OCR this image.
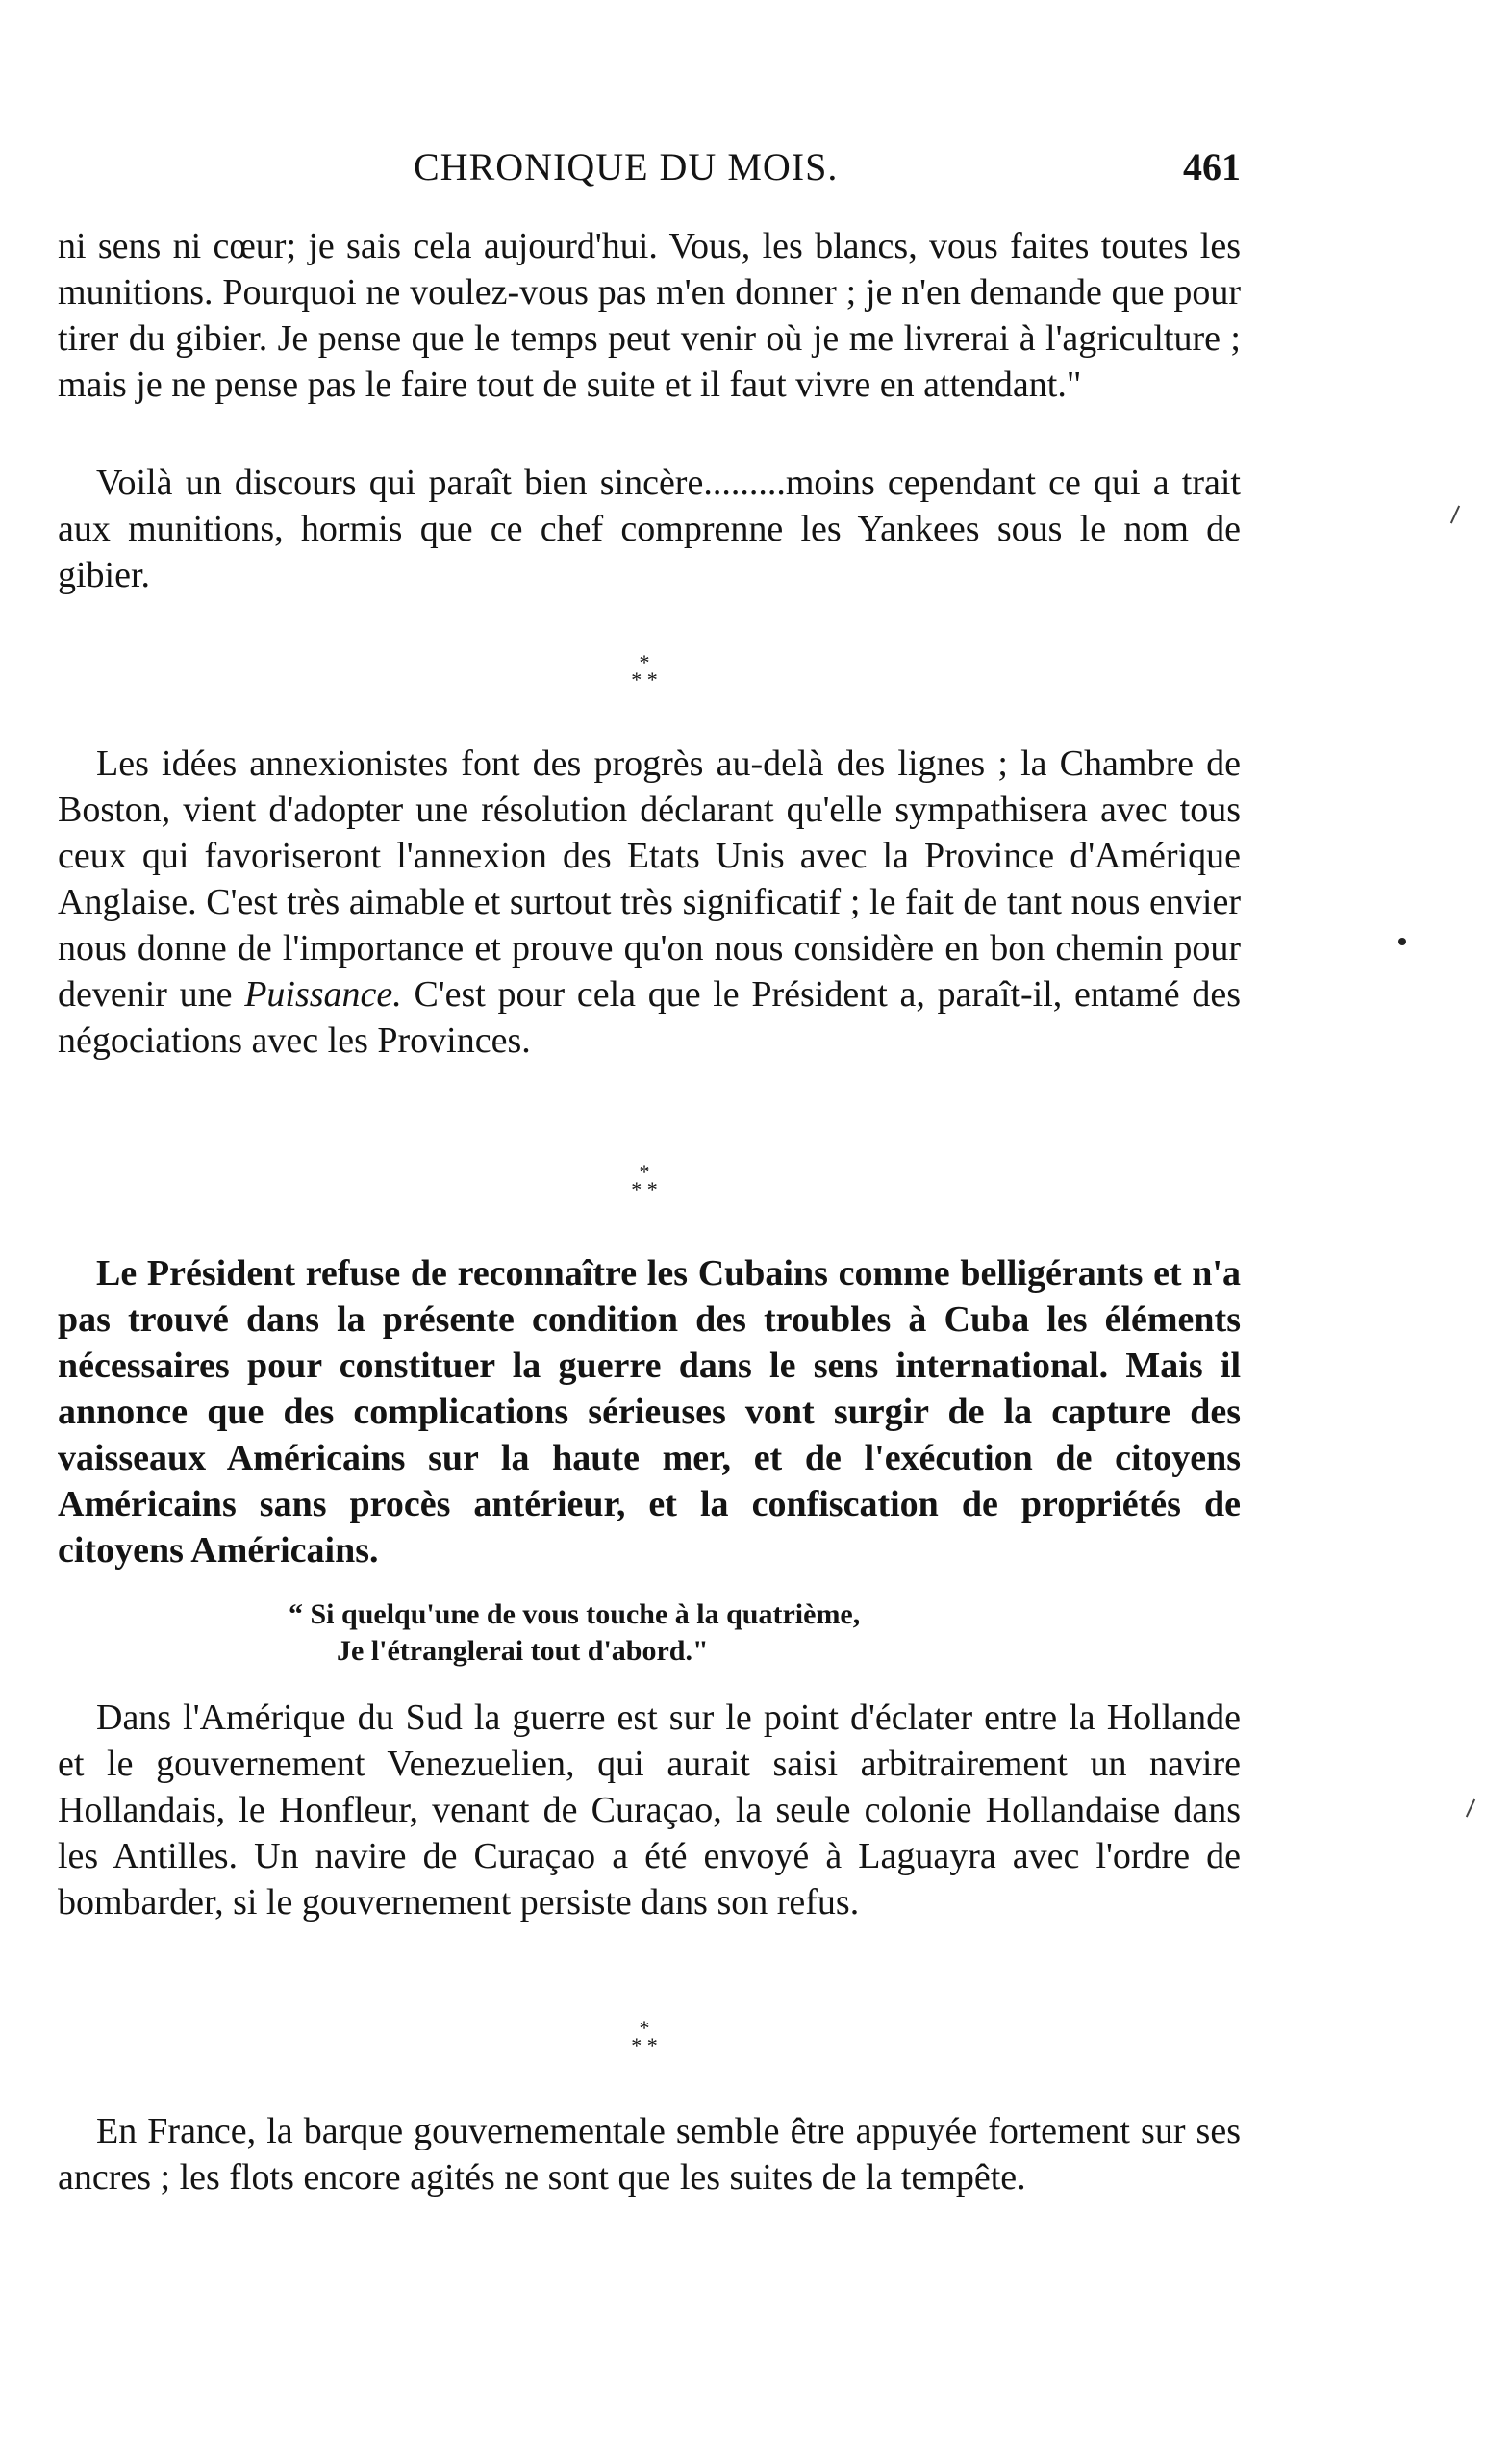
CHRONIQUE DU MOIS.	461
ni sens ni cœur; je sais cela aujourd'hui. Vous, les blancs, vous faites toutes les munitions. Pourquoi ne voulez-vous pas m'en donner ; je n'en demande que pour tirer du gibier. Je pense que le temps peut venir où je me livrerai à l'agriculture ; mais je ne pense pas le faire tout de suite et il faut vivre en attendant."
Voilà un discours qui paraît bien sincère.........moins cependant ce qui a trait aux munitions, hormis que ce chef comprenne les Yankees sous le nom de gibier.
*
* *
Les idées annexionistes font des progrès au-delà des lignes ; la Chambre de Boston, vient d'adopter une résolution déclarant qu'elle sympathisera avec tous ceux qui favoriseront l'annexion des Etats Unis avec la Province d'Amérique Anglaise. C'est très aimable et surtout très significatif ; le fait de tant nous envier nous donne de l'importance et prouve qu'on nous considère en bon chemin pour devenir une Puissance. C'est pour cela que le Président a, paraît-il, entamé des négociations avec les Provinces.
*
* *
Le Président refuse de reconnaître les Cubains comme belligérants et n'a pas trouvé dans la présente condition des troubles à Cuba les éléments nécessaires pour constituer la guerre dans le sens international. Mais il annonce que des complications sérieuses vont surgir de la capture des vaisseaux Américains sur la haute mer, et de l'exécution de citoyens Américains sans procès antérieur, et la confiscation de propriétés de citoyens Américains.
“ Si quelqu'une de vous touche à la quatrième,
Je l'étranglerai tout d'abord."
Dans l'Amérique du Sud la guerre est sur le point d'éclater entre la Hollande et le gouvernement Venezuelien, qui aurait saisi arbitrairement un navire Hollandais, le Honfleur, venant de Curaçao, la seule colonie Hollandaise dans les Antilles. Un navire de Curaçao a été envoyé à Laguayra avec l'ordre de bombarder, si le gouvernement persiste dans son refus.
*
* *
En France, la barque gouvernementale semble être appuyée fortement sur ses ancres ; les flots encore agités ne sont que les suites de la tempête.
